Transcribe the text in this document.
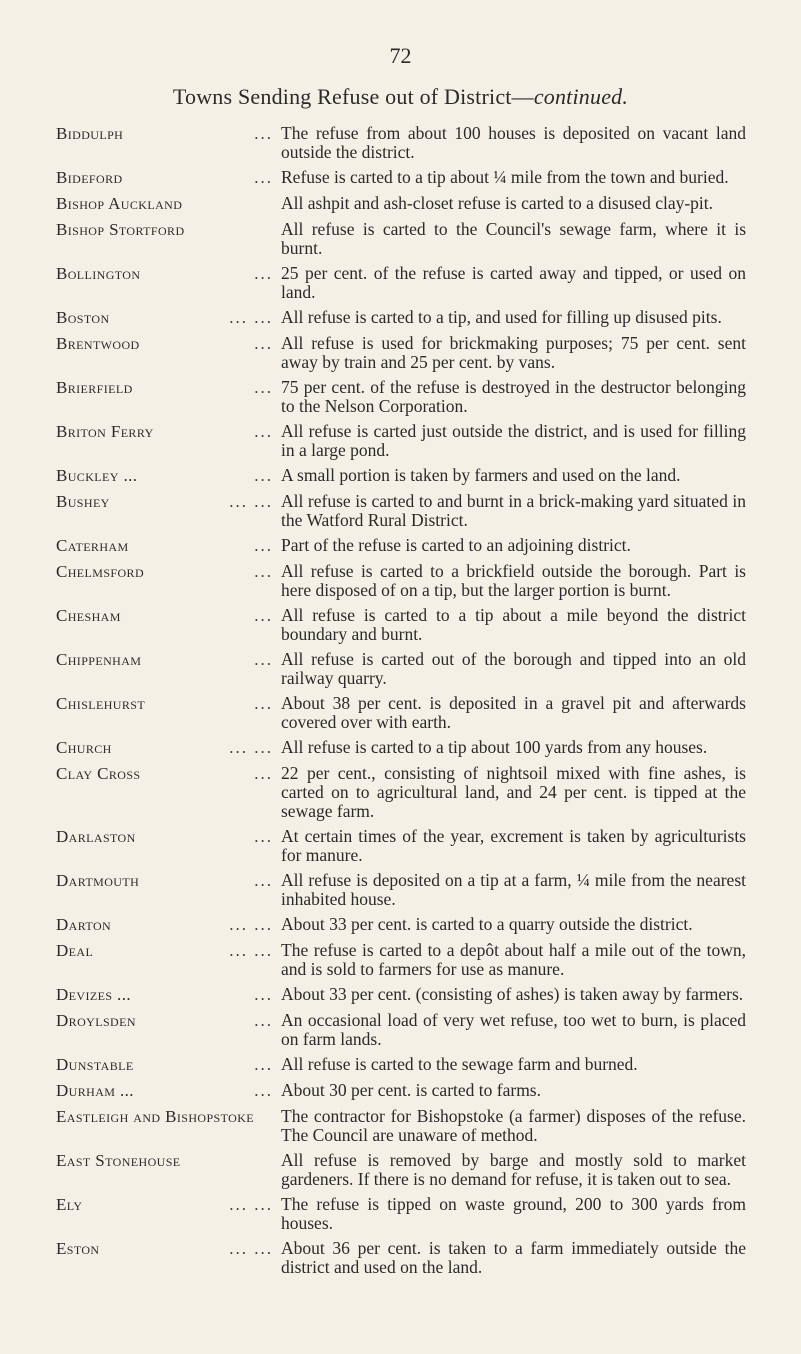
72
Towns Sending Refuse out of District—continued.
Biddulph	... The refuse from about 100 houses is deposited on vacant land outside the district.
Bideford	... Refuse is carted to a tip about ¼ mile from the town and buried.
Bishop Auckland	All ashpit and ash-closet refuse is carted to a disused clay-pit.
Bishop Stortford	All refuse is carted to the Council's sewage farm, where it is burnt.
Bollington	... 25 per cent. of the refuse is carted away and tipped, or used on land.
Boston	... ... All refuse is carted to a tip, and used for filling up disused pits.
Brentwood	... All refuse is used for brickmaking purposes; 75 per cent. sent away by train and 25 per cent. by vans.
Brierfield	... 75 per cent. of the refuse is destroyed in the destructor belonging to the Nelson Corporation.
Briton Ferry	... All refuse is carted just outside the district, and is used for filling in a large pond.
Buckley ...	... A small portion is taken by farmers and used on the land.
Bushey	... ... All refuse is carted to and burnt in a brick-making yard situated in the Watford Rural District.
Caterham	... Part of the refuse is carted to an adjoining district.
Chelmsford	... All refuse is carted to a brickfield outside the borough. Part is here disposed of on a tip, but the larger portion is burnt.
Chesham	... All refuse is carted to a tip about a mile beyond the district boundary and burnt.
Chippenham	... All refuse is carted out of the borough and tipped into an old railway quarry.
Chislehurst	... About 38 per cent. is deposited in a gravel pit and afterwards covered over with earth.
Church	... ... All refuse is carted to a tip about 100 yards from any houses.
Clay Cross	... 22 per cent., consisting of nightsoil mixed with fine ashes, is carted on to agricultural land, and 24 per cent. is tipped at the sewage farm.
Darlaston	... At certain times of the year, excrement is taken by agriculturists for manure.
Dartmouth	... All refuse is deposited on a tip at a farm, ¼ mile from the nearest inhabited house.
Darton	... ... About 33 per cent. is carted to a quarry outside the district.
Deal	... ... The refuse is carted to a depôt about half a mile out of the town, and is sold to farmers for use as manure.
Devizes ...	... About 33 per cent. (consisting of ashes) is taken away by farmers.
Droylsden	... An occasional load of very wet refuse, too wet to burn, is placed on farm lands.
Dunstable	... All refuse is carted to the sewage farm and burned.
Durham ...	... About 30 per cent. is carted to farms.
Eastleigh and Bishopstoke	The contractor for Bishopstoke (a farmer) disposes of the refuse. The Council are unaware of method.
East Stonehouse	All refuse is removed by barge and mostly sold to market gardeners. If there is no demand for refuse, it is taken out to sea.
Ely	... ... The refuse is tipped on waste ground, 200 to 300 yards from houses.
Eston	... ... About 36 per cent. is taken to a farm immediately outside the district and used on the land.
